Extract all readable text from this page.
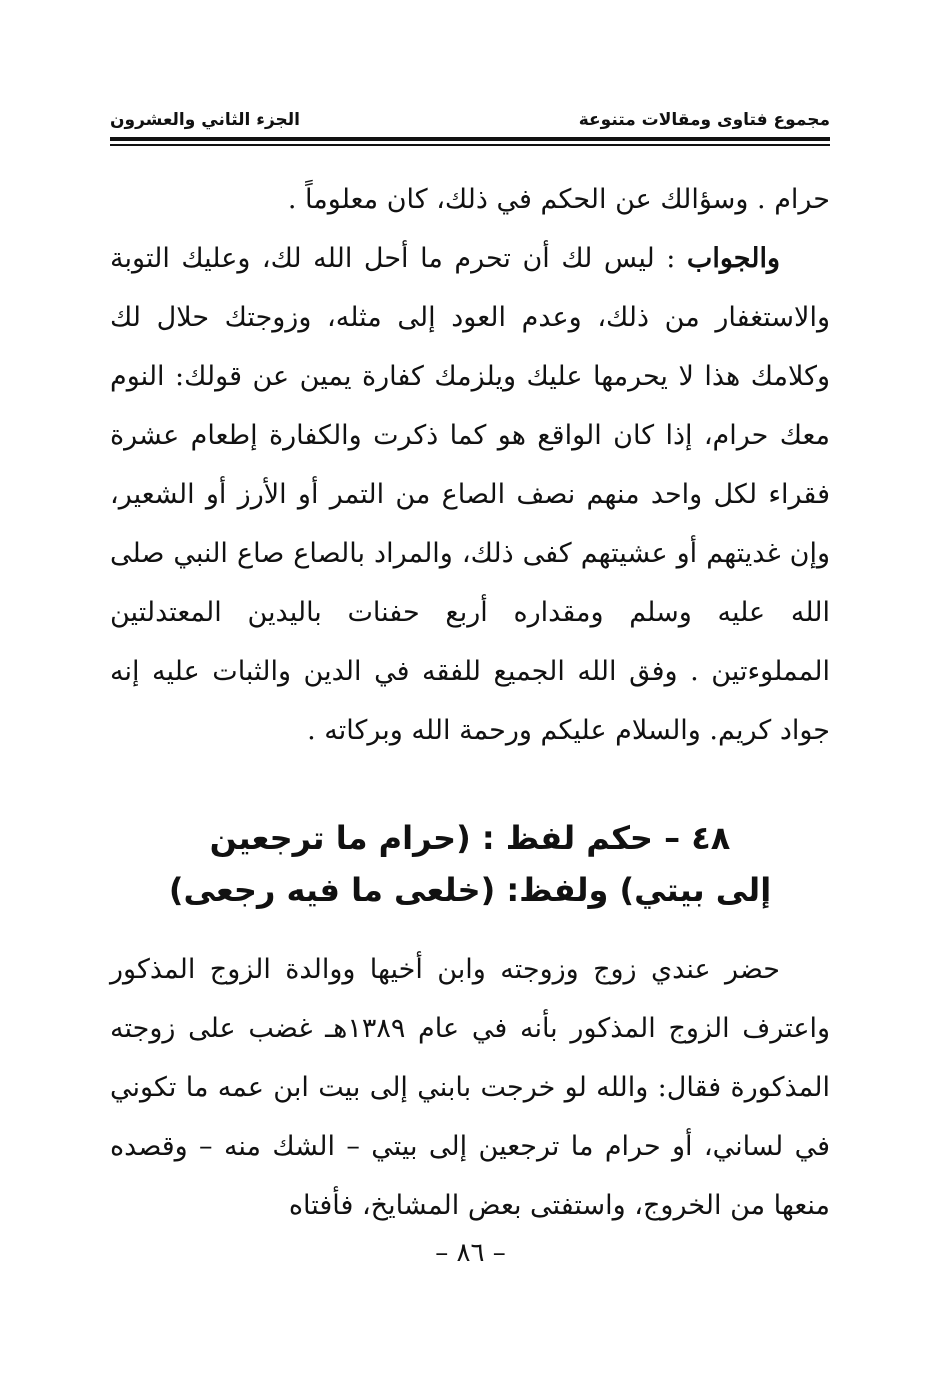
مجموع فتاوى ومقالات متنوعة
الجزء الثاني والعشرون

حرام . وسؤالك عن الحكم في ذلك، كان معلوماً .

والجواب : ليس لك أن تحرم ما أحل الله لك، وعليك التوبة والاستغفار من ذلك، وعدم العود إلى مثله، وزوجتك حلال لك وكلامك هذا لا يحرمها عليك ويلزمك كفارة يمين عن قولك: النوم معك حرام، إذا كان الواقع هو كما ذكرت والكفارة إطعام عشرة فقراء لكل واحد منهم نصف الصاع من التمر أو الأرز أو الشعير، وإن غديتهم أو عشيتهم كفى ذلك، والمراد بالصاع صاع النبي صلى الله عليه وسلم ومقداره أربع حفنات باليدين المعتدلتين المملوءتين . وفق الله الجميع للفقه في الدين والثبات عليه إنه جواد كريم. والسلام عليكم ورحمة الله وبركاته .

٤٨ – حكم لفظ : (حرام ما ترجعين
إلى بيتي) ولفظ: (خلعى ما فيه رجعى)

حضر عندي زوج وزوجته وابن أخيها ووالدة الزوج المذكور واعترف الزوج المذكور بأنه في عام ١٣٨٩هـ غضب على زوجته المذكورة فقال: والله لو خرجت بابني إلى بيت ابن عمه ما تكوني في لساني، أو حرام ما ترجعين إلى بيتي – الشك منه – وقصده منعها من الخروج، واستفتى بعض المشايخ، فأفتاه

– ٨٦ –
